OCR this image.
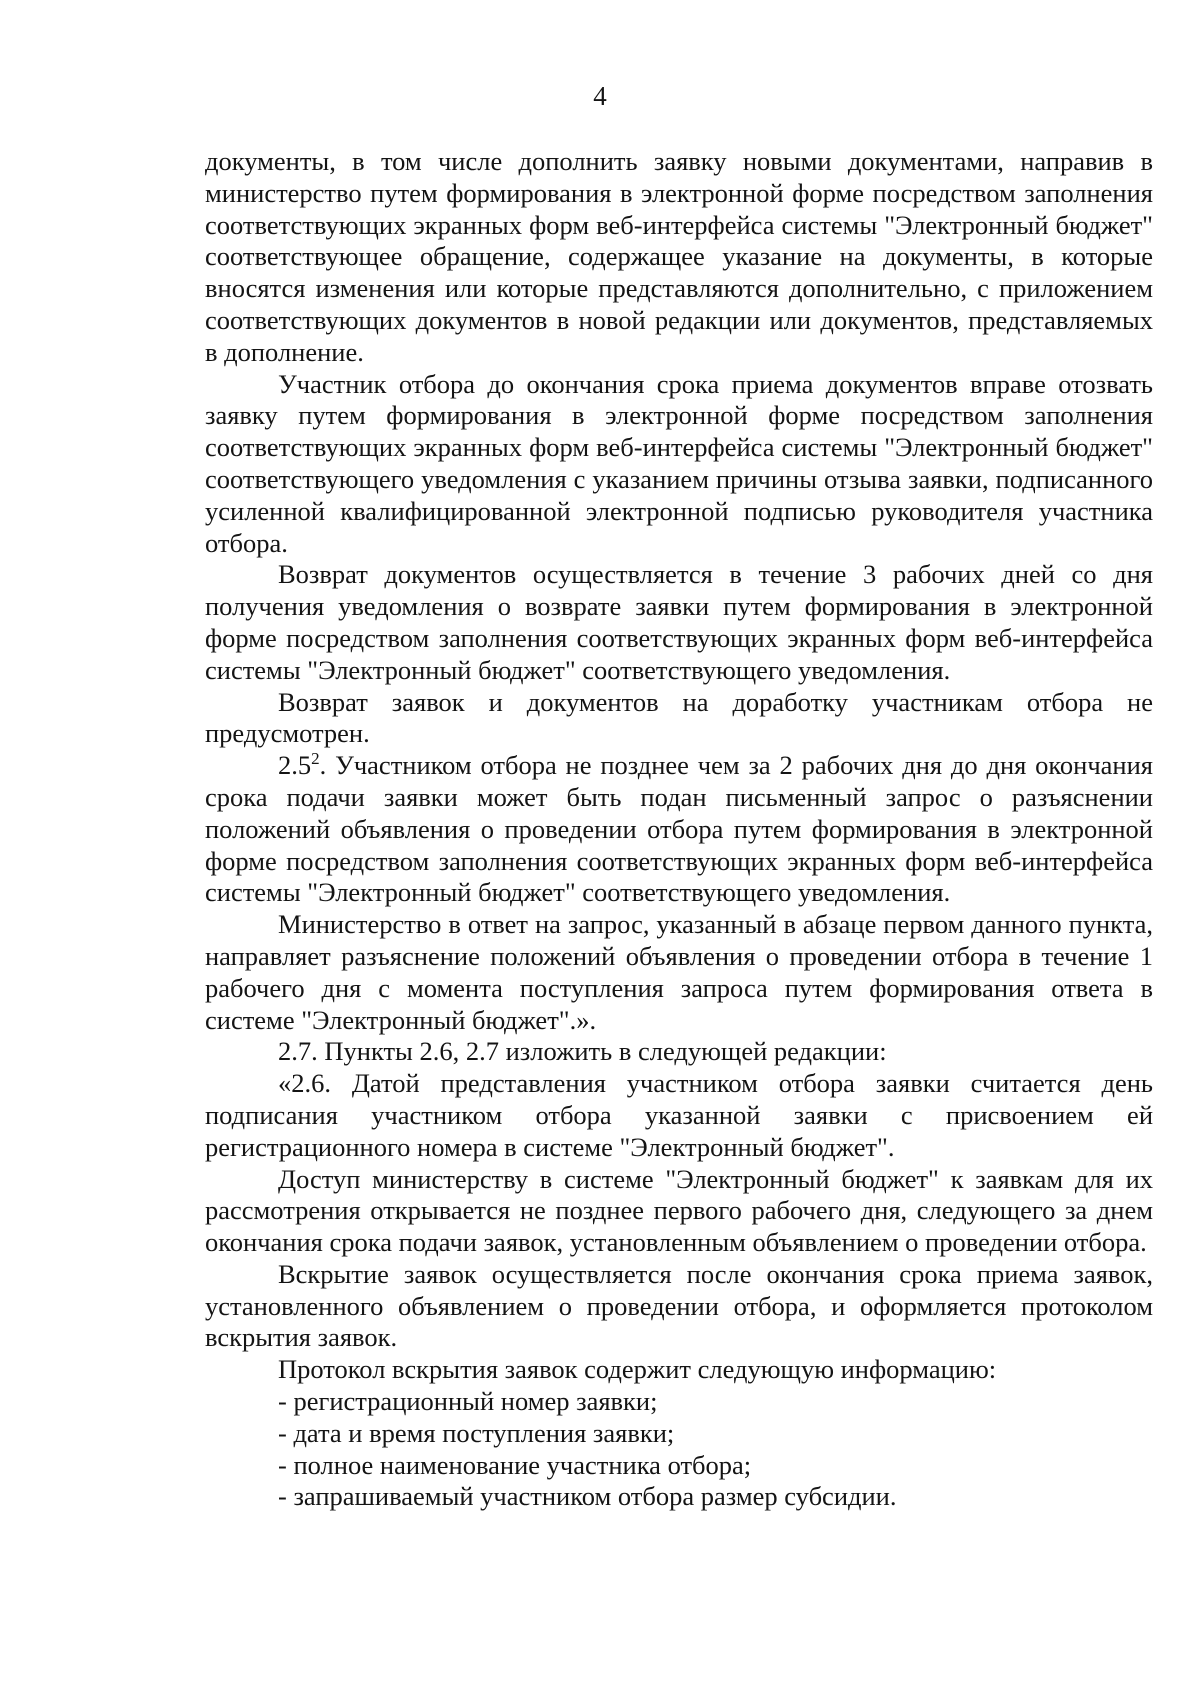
4

документы, в том числе дополнить заявку новыми документами, направив в министерство путем формирования в электронной форме посредством заполнения соответствующих экранных форм веб-интерфейса системы "Электронный бюджет" соответствующее обращение, содержащее указание на документы, в которые вносятся изменения или которые представляются дополнительно, с приложением соответствующих документов в новой редакции или документов, представляемых в дополнение.

Участник отбора до окончания срока приема документов вправе отозвать заявку путем формирования в электронной форме посредством заполнения соответствующих экранных форм веб-интерфейса системы "Электронный бюджет" соответствующего уведомления с указанием причины отзыва заявки, подписанного усиленной квалифицированной электронной подписью руководителя участника отбора.

Возврат документов осуществляется в течение 3 рабочих дней со дня получения уведомления о возврате заявки путем формирования в электронной форме посредством заполнения соответствующих экранных форм веб-интерфейса системы "Электронный бюджет" соответствующего уведомления.

Возврат заявок и документов на доработку участникам отбора не предусмотрен.

$2.5^2$. Участником отбора не позднее чем за 2 рабочих дня до дня окончания срока подачи заявки может быть подан письменный запрос о разъяснении положений объявления о проведении отбора путем формирования в электронной форме посредством заполнения соответствующих экранных форм веб-интерфейса системы "Электронный бюджет" соответствующего уведомления.

Министерство в ответ на запрос, указанный в абзаце первом данного пункта, направляет разъяснение положений объявления о проведении отбора в течение 1 рабочего дня с момента поступления запроса путем формирования ответа в системе "Электронный бюджет".».

2.7. Пункты 2.6, 2.7 изложить в следующей редакции:

«2.6. Датой представления участником отбора заявки считается день подписания участником отбора указанной заявки с присвоением ей регистрационного номера в системе "Электронный бюджет".

Доступ министерству в системе "Электронный бюджет" к заявкам для их рассмотрения открывается не позднее первого рабочего дня, следующего за днем окончания срока подачи заявок, установленным объявлением о проведении отбора.

Вскрытие заявок осуществляется после окончания срока приема заявок, установленного объявлением о проведении отбора, и оформляется протоколом вскрытия заявок.

Протокол вскрытия заявок содержит следующую информацию:

- регистрационный номер заявки;

- дата и время поступления заявки;

- полное наименование участника отбора;

- запрашиваемый участником отбора размер субсидии.
